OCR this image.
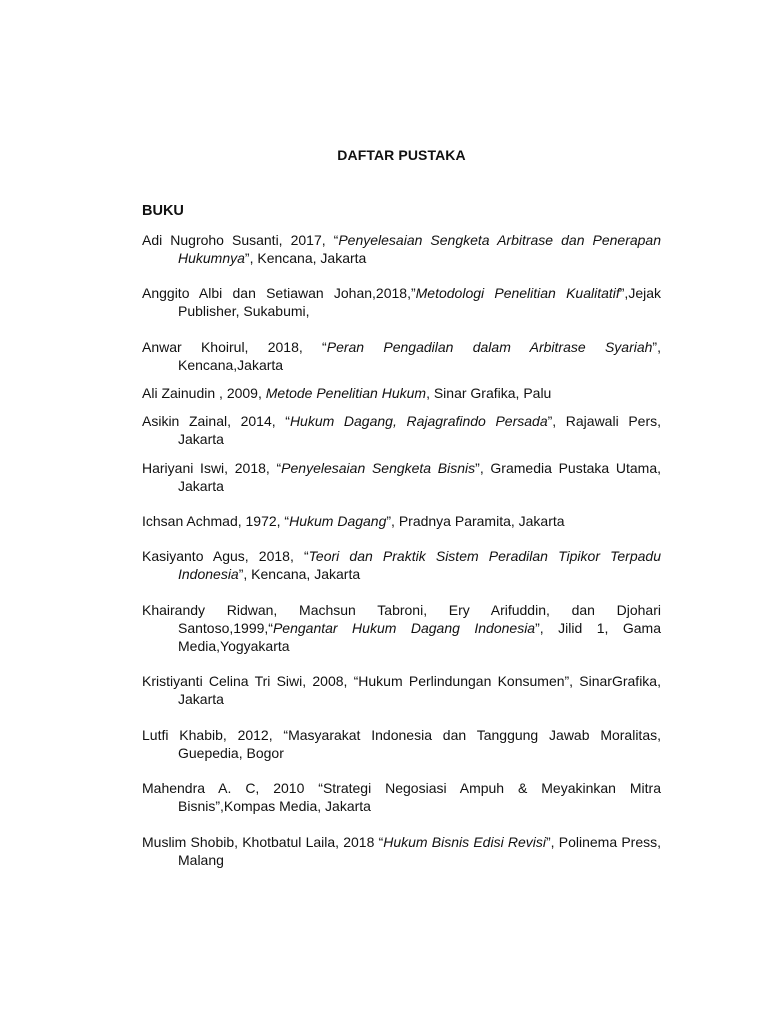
DAFTAR PUSTAKA
BUKU
Adi Nugroho Susanti, 2017, “Penyelesaian Sengketa Arbitrase dan Penerapan Hukumnya”, Kencana, Jakarta
Anggito Albi dan Setiawan Johan,2018,”Metodologi Penelitian Kualitatif”,Jejak Publisher, Sukabumi,
Anwar Khoirul, 2018, “Peran Pengadilan dalam Arbitrase Syariah”, Kencana,Jakarta
Ali Zainudin , 2009, Metode Penelitian Hukum, Sinar Grafika, Palu
Asikin Zainal, 2014, “Hukum Dagang, Rajagrafindo Persada”, Rajawali Pers, Jakarta
Hariyani Iswi, 2018, “Penyelesaian Sengketa Bisnis”, Gramedia Pustaka Utama, Jakarta
Ichsan Achmad, 1972, “Hukum Dagang”, Pradnya Paramita, Jakarta
Kasiyanto Agus, 2018, “Teori dan Praktik Sistem Peradilan Tipikor Terpadu Indonesia”, Kencana, Jakarta
Khairandy Ridwan, Machsun Tabroni, Ery Arifuddin, dan Djohari Santoso,1999,“Pengantar Hukum Dagang Indonesia”, Jilid 1, Gama Media,Yogyakarta
Kristiyanti Celina Tri Siwi, 2008, “Hukum Perlindungan Konsumen”, SinarGrafika, Jakarta
Lutfi Khabib, 2012, “Masyarakat Indonesia dan Tanggung Jawab Moralitas, Guepedia, Bogor
Mahendra A. C, 2010 “Strategi Negosiasi Ampuh & Meyakinkan Mitra Bisnis”,Kompas Media, Jakarta
Muslim Shobib, Khotbatul Laila, 2018 “Hukum Bisnis Edisi Revisi”, Polinema Press, Malang
